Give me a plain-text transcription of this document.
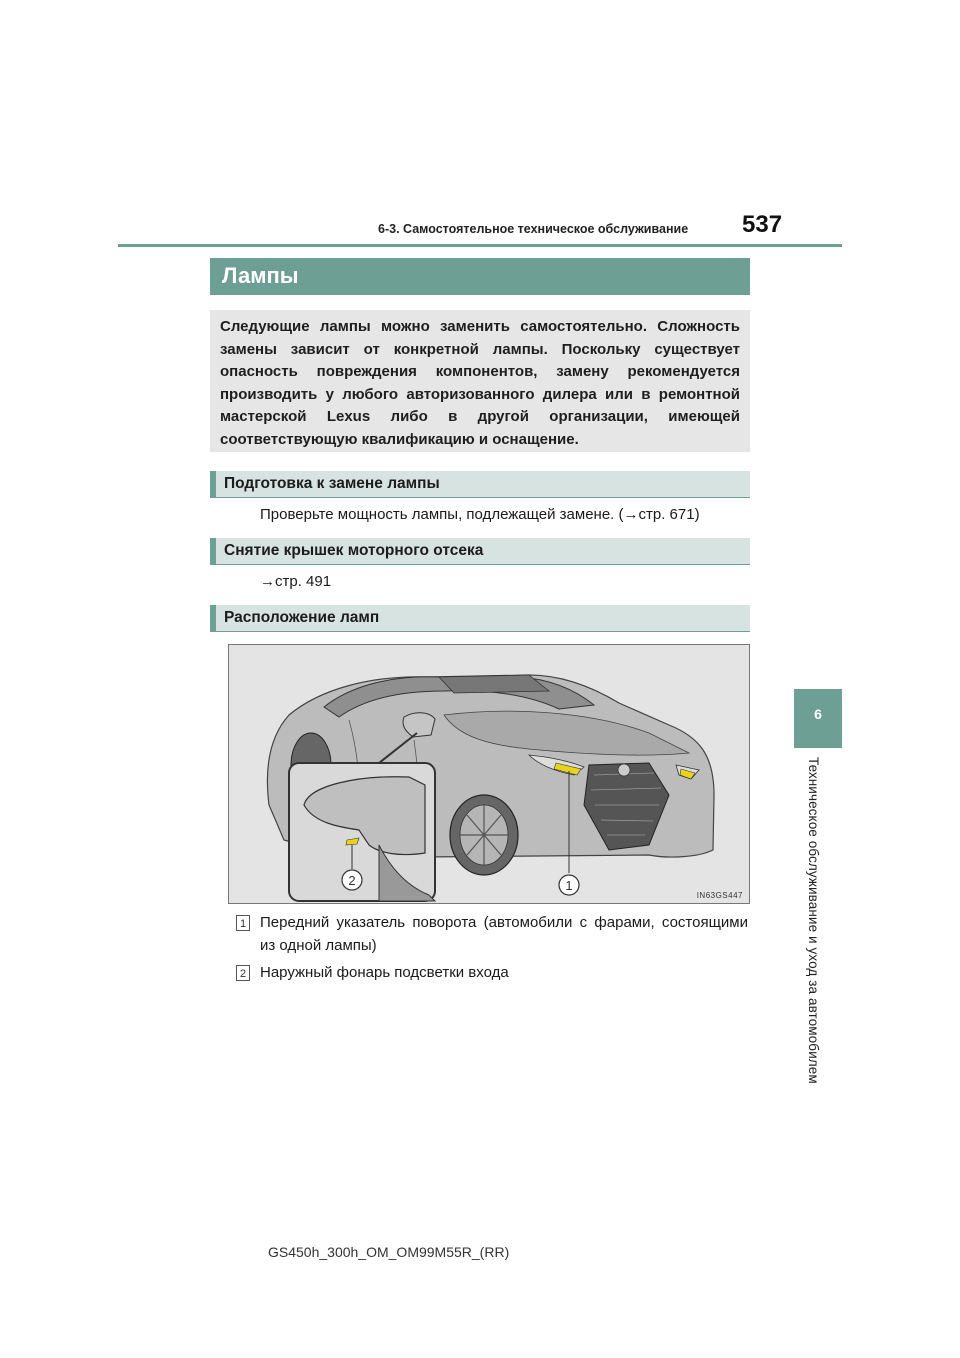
6-3. Самостоятельное техническое обслуживание 537
6
Техническое обслуживание и уход за автомобилем
Лампы
Следующие лампы можно заменить самостоятельно. Сложность замены зависит от конкретной лампы. Поскольку существует опасность повреждения компонентов, замену рекомендуется производить у любого авторизованного дилера или в ремонтной мастерской Lexus либо в другой организации, имеющей соответствующую квалификацию и оснащение.
Подготовка к замене лампы
Проверьте мощность лампы, подлежащей замене. (→стр. 671)
Снятие крышек моторного отсека
→стр. 491
Расположение ламп
2	1
IN63GS447
1 Передний указатель поворота (автомобили с фарами, состоящими из одной лампы)
2 Наружный фонарь подсветки входа
GS450h_300h_OM_OM99M55R_(RR)
